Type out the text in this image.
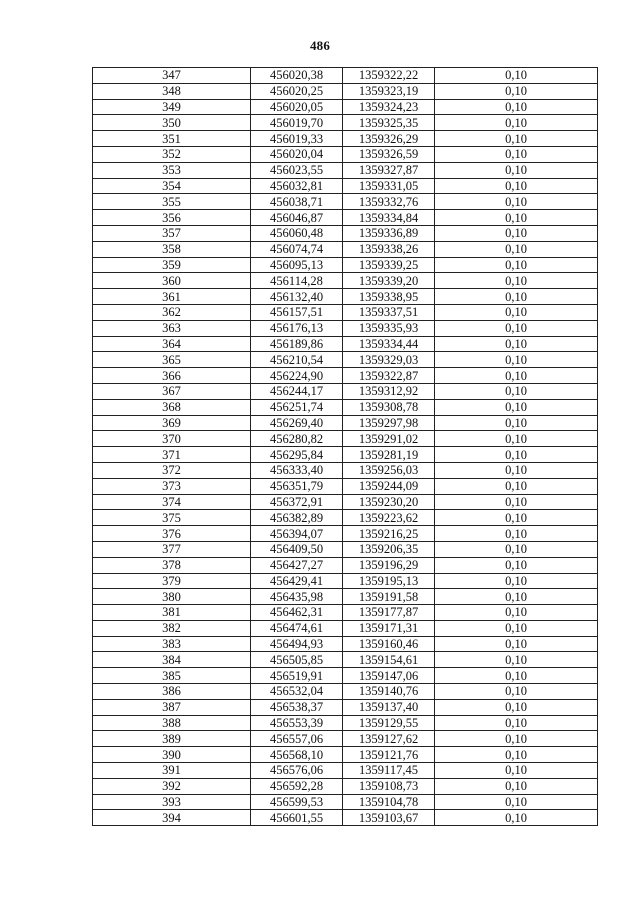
486
347	456020,38	1359322,22	0,10
348	456020,25	1359323,19	0,10
349	456020,05	1359324,23	0,10
350	456019,70	1359325,35	0,10
351	456019,33	1359326,29	0,10
352	456020,04	1359326,59	0,10
353	456023,55	1359327,87	0,10
354	456032,81	1359331,05	0,10
355	456038,71	1359332,76	0,10
356	456046,87	1359334,84	0,10
357	456060,48	1359336,89	0,10
358	456074,74	1359338,26	0,10
359	456095,13	1359339,25	0,10
360	456114,28	1359339,20	0,10
361	456132,40	1359338,95	0,10
362	456157,51	1359337,51	0,10
363	456176,13	1359335,93	0,10
364	456189,86	1359334,44	0,10
365	456210,54	1359329,03	0,10
366	456224,90	1359322,87	0,10
367	456244,17	1359312,92	0,10
368	456251,74	1359308,78	0,10
369	456269,40	1359297,98	0,10
370	456280,82	1359291,02	0,10
371	456295,84	1359281,19	0,10
372	456333,40	1359256,03	0,10
373	456351,79	1359244,09	0,10
374	456372,91	1359230,20	0,10
375	456382,89	1359223,62	0,10
376	456394,07	1359216,25	0,10
377	456409,50	1359206,35	0,10
378	456427,27	1359196,29	0,10
379	456429,41	1359195,13	0,10
380	456435,98	1359191,58	0,10
381	456462,31	1359177,87	0,10
382	456474,61	1359171,31	0,10
383	456494,93	1359160,46	0,10
384	456505,85	1359154,61	0,10
385	456519,91	1359147,06	0,10
386	456532,04	1359140,76	0,10
387	456538,37	1359137,40	0,10
388	456553,39	1359129,55	0,10
389	456557,06	1359127,62	0,10
390	456568,10	1359121,76	0,10
391	456576,06	1359117,45	0,10
392	456592,28	1359108,73	0,10
393	456599,53	1359104,78	0,10
394	456601,55	1359103,67	0,10
